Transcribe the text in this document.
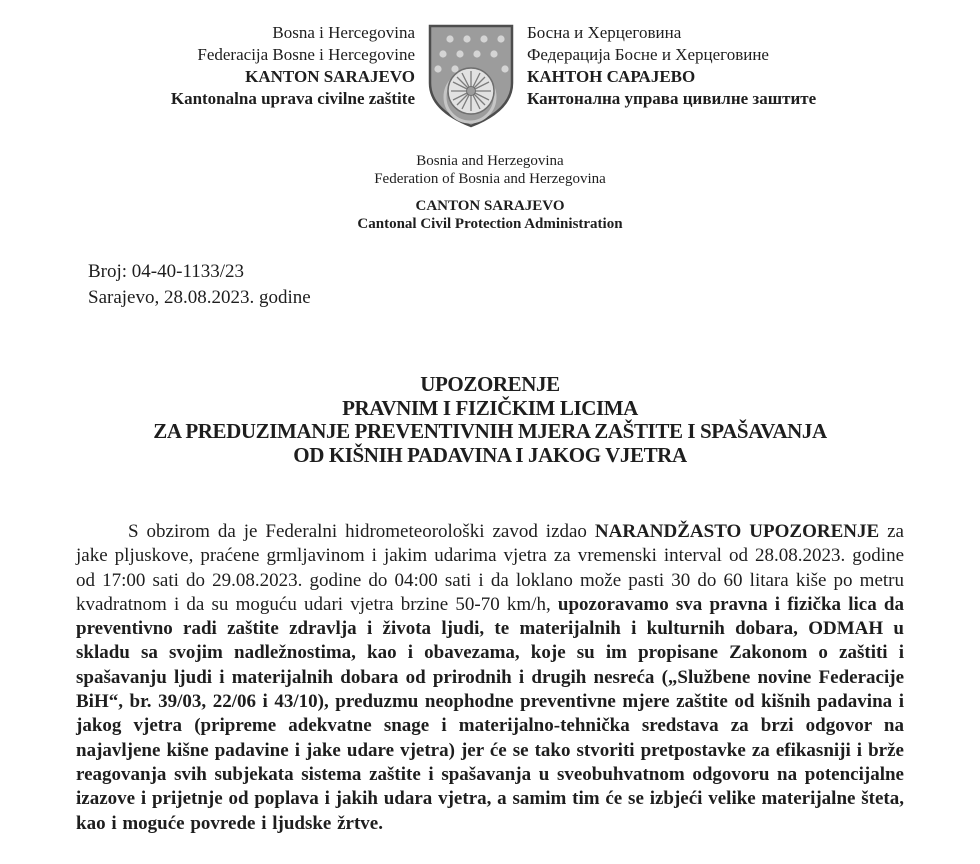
Bosna i Hercegovina
Federacija Bosne i Hercegovine
KANTON SARAJEVO
Kantonalna uprava civilne zaštite
Босна и Херцеговина
Федерација Босне и Херцеговине
КАНТОН САРАЈЕВО
Кантонална управа цивилне заштите
Bosnia and Herzegovina
Federation of Bosnia and Herzegovina
CANTON SARAJEVO
Cantonal Civil Protection Administration
Broj: 04-40-1133/23
Sarajevo, 28.08.2023. godine
UPOZORENJE
PRAVNIM I FIZIČKIM LICIMA
ZA PREDUZIMANJE PREVENTIVNIH MJERA ZAŠTITE I SPAŠAVANJA
OD KIŠNIH PADAVINA I JAKOG VJETRA

S obzirom da je Federalni hidrometeorološki zavod izdao NARANDŽASTO UPOZORENJE za jake pljuskove, praćene grmljavinom i jakim udarima vjetra za vremenski interval od 28.08.2023. godine od 17:00 sati do 29.08.2023. godine do 04:00 sati i da loklano može pasti 30 do 60 litara kiše po metru kvadratnom i da su moguću udari vjetra brzine 50-70 km/h, upozoravamo sva pravna i fizička lica da preventivno radi zaštite zdravlja i života ljudi, te materijalnih i kulturnih dobara, ODMAH u skladu sa svojim nadležnostima, kao i obavezama, koje su im propisane Zakonom o zaštiti i spašavanju ljudi i materijalnih dobara od prirodnih i drugih nesreća („Službene novine Federacije BiH“, br. 39/03, 22/06 i 43/10), preduzmu neophodne preventivne mjere zaštite od kišnih padavina i jakog vjetra (pripreme adekvatne snage i materijalno-tehnička sredstava za brzi odgovor na najavljene kišne padavine i jake udare vjetra) jer će se tako stvoriti pretpostavke za efikasniji i brže reagovanja svih subjekata sistema zaštite i spašavanja u sveobuhvatnom odgovoru na potencijalne izazove i prijetnje od poplava i jakih udara vjetra, a samim tim će se izbjeći velike materijalne šteta, kao i moguće povrede i ljudske žrtve.
